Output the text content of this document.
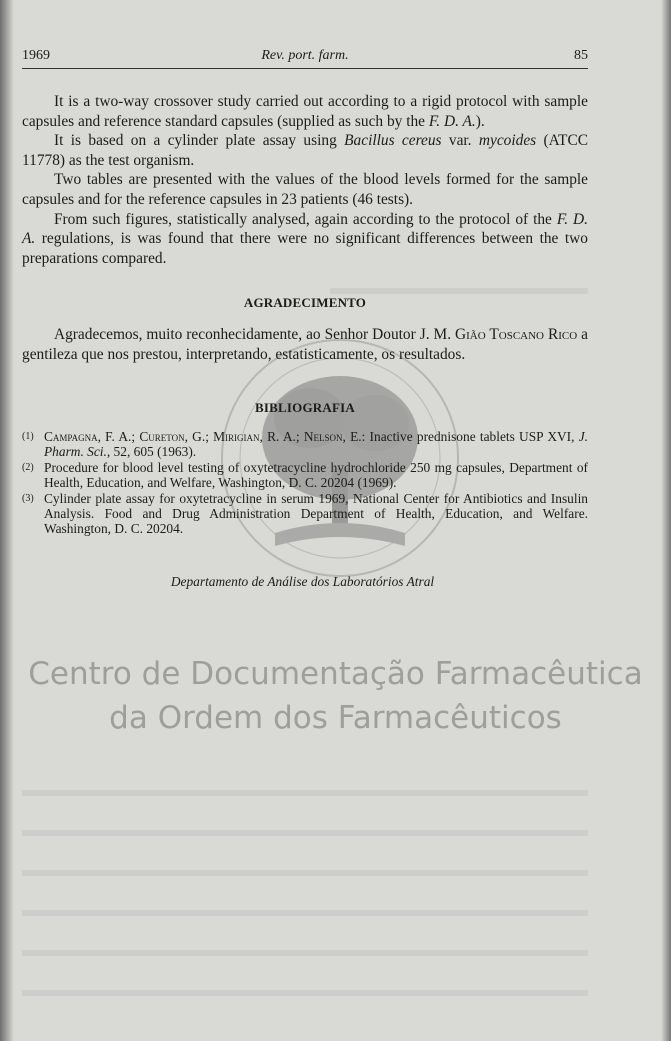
1969	Rev. port. farm.	85

It is a two-way crossover study carried out according to a rigid protocol with sample capsules and reference standard capsules (supplied as such by the F. D. A.).

It is based on a cylinder plate assay using Bacillus cereus var. mycoides (ATCC 11778) as the test organism.

Two tables are presented with the values of the blood levels formed for the sample capsules and for the reference capsules in 23 patients (46 tests).

From such figures, statistically analysed, again according to the protocol of the F. D. A. regulations, is was found that there were no significant differences between the two preparations compared.

AGRADECIMENTO

Agradecemos, muito reconhecidamente, ao Senhor Doutor J. M. Gião Toscano Rico a gentileza que nos prestou, interpretando, estatisticamente, os resultados.

BIBLIOGRAFIA
(1) Campagna, F. A.; Cureton, G.; Mirigian, R. A.; Nelson, E.: Inactive prednisone tablets USP XVI, J. Pharm. Sci., 52, 605 (1963).
(2) Procedure for blood level testing of oxytetracycline hydrochloride 250 mg capsules, Department of Health, Education, and Welfare, Washington, D. C. 20204 (1969).
(3) Cylinder plate assay for oxytetracycline in serum 1969, National Center for Antibiotics and Insulin Analysis. Food and Drug Administration Department of Health, Education, and Welfare. Washington, D. C. 20204.
Departamento de Análise dos Laboratórios Atral
Centro de Documentação Farmacêutica
da Ordem dos Farmacêuticos
